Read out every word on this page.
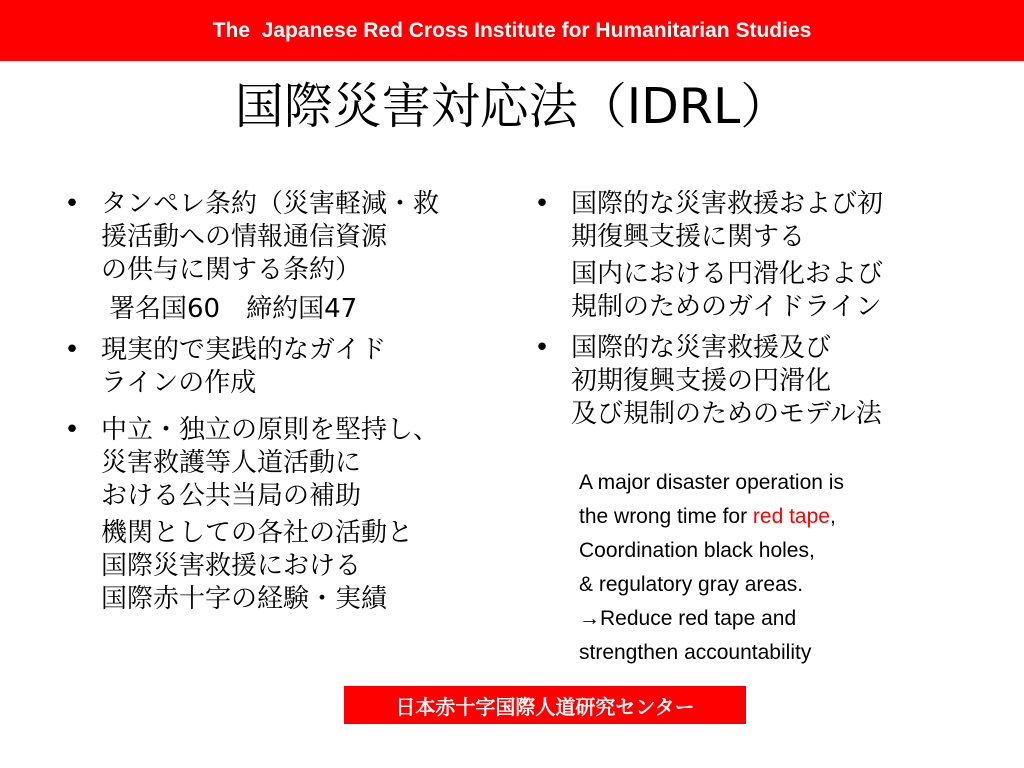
The  Japanese Red Cross Institute for Humanitarian Studies
国際災害対応法（IDRL）
• タンペレ条約（災害軽減・救
援活動への情報通信資源
の供与に関する条約）
署名国60　締約国47
• 現実的で実践的なガイド
ラインの作成
• 中立・独立の原則を堅持し、
災害救護等人道活動に
おける公共当局の補助
機関としての各社の活動と
国際災害救援における
国際赤十字の経験・実績
• 国際的な災害救援および初
期復興支援に関する
国内における円滑化および
規制のためのガイドライン
• 国際的な災害救援及び
初期復興支援の円滑化
及び規制のためのモデル法
A major disaster operation is
the wrong time for red tape,
Coordination black holes,
& regulatory gray areas.
→Reduce red tape and
strengthen accountability
日本赤十字国際人道研究センター
